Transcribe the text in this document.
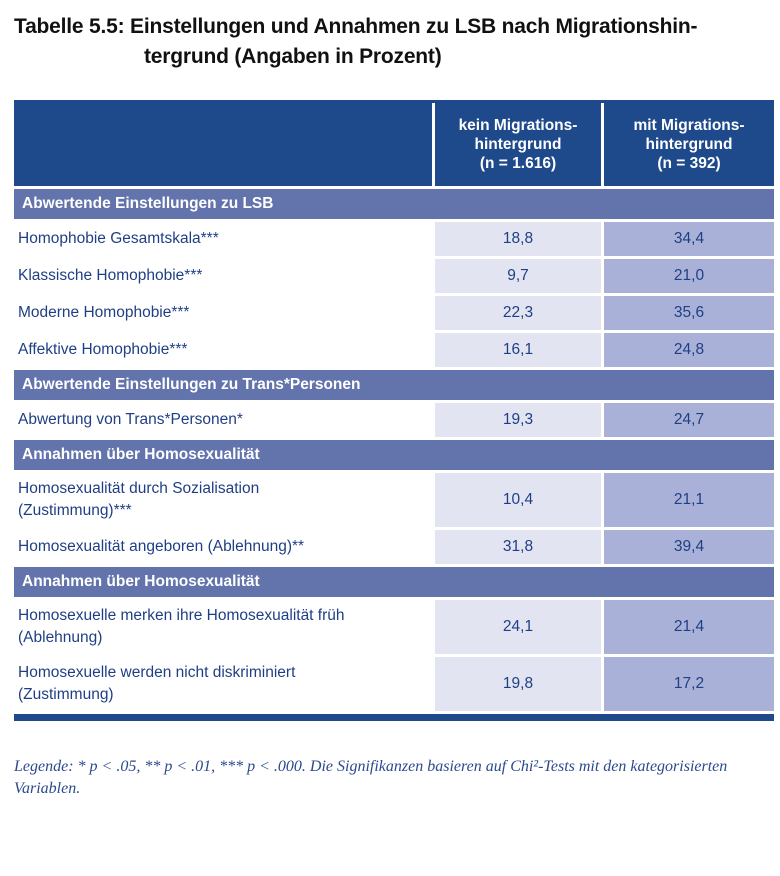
Tabelle 5.5: Einstellungen und Annahmen zu LSB nach Migrationshin-
tergrund (Angaben in Prozent)
kein Migrations-
hintergrund
(n = 1.616)
mit Migrations-
hintergrund
(n = 392)
Abwertende Einstellungen zu LSB
Homophobie Gesamtskala***	18,8	34,4
Klassische Homophobie***	9,7	21,0
Moderne Homophobie***	22,3	35,6
Affektive Homophobie***	16,1	24,8
Abwertende Einstellungen zu Trans*Personen
Abwertung von Trans*Personen*	19,3	24,7
Annahmen über Homosexualität
Homosexualität durch Sozialisation
(Zustimmung)***
10,4	21,1
Homosexualität angeboren (Ablehnung)**	31,8	39,4
Annahmen über Homosexualität
Homosexuelle merken ihre Homosexualität früh
(Ablehnung)
24,1	21,4
Homosexuelle werden nicht diskriminiert
(Zustimmung)
19,8	17,2

Legende: * p < .05, ** p < .01, *** p < .000. Die Signifikanzen basieren auf Chi²-Tests mit den kategorisierten Variablen.
